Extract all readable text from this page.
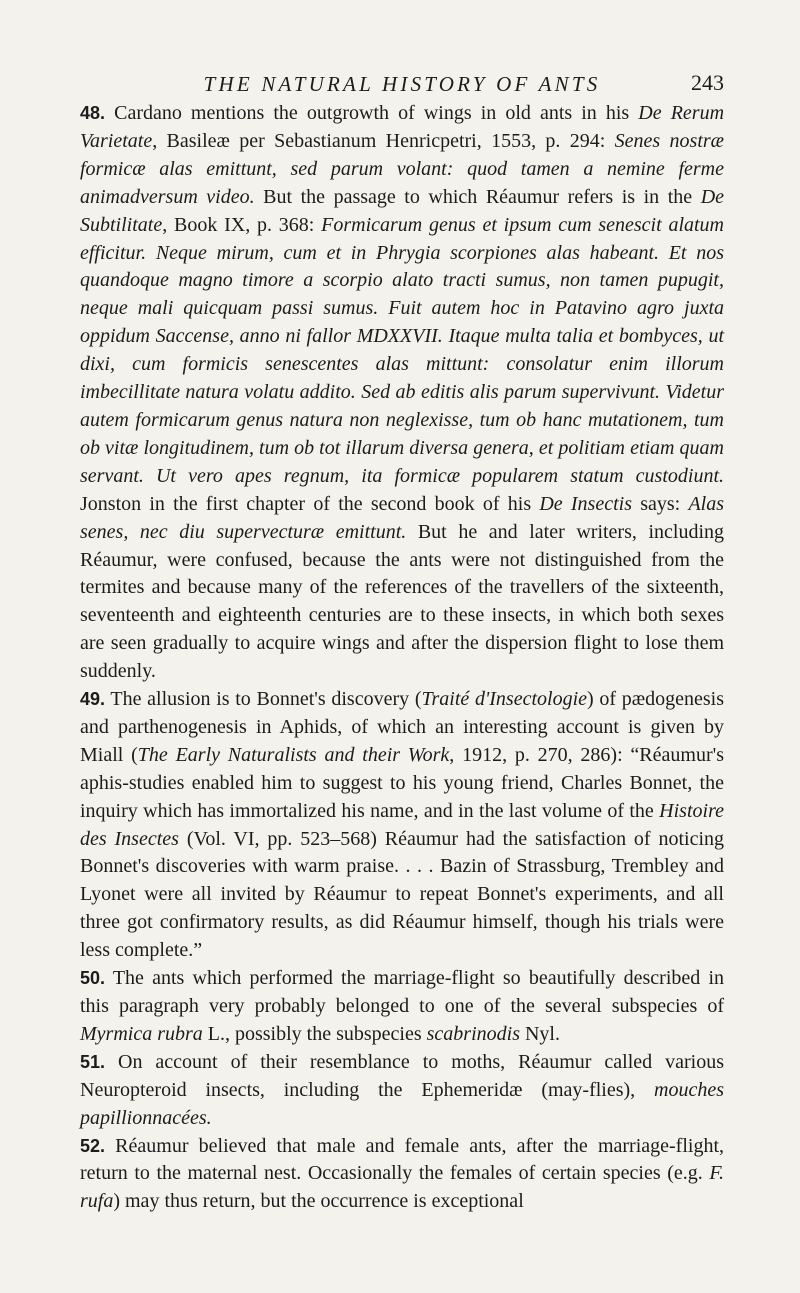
THE NATURAL HISTORY OF ANTS	243

48. Cardano mentions the outgrowth of wings in old ants in his De Rerum Varietate, Basileæ per Sebastianum Henricpetri, 1553, p. 294: Senes nostræ formicæ alas emittunt, sed parum volant: quod tamen a nemine ferme animadversum video. But the passage to which Réaumur refers is in the De Subtilitate, Book IX, p. 368: Formicarum genus et ipsum cum senescit alatum efficitur. Neque mirum, cum et in Phrygia scorpiones alas habeant. Et nos quandoque magno timore a scorpio alato tracti sumus, non tamen pupugit, neque mali quicquam passi sumus. Fuit autem hoc in Patavino agro juxta oppidum Saccense, anno ni fallor MDXXVII. Itaque multa talia et bombyces, ut dixi, cum formicis senescentes alas mittunt: consolatur enim illorum imbecillitate natura volatu addito. Sed ab editis alis parum supervivunt. Videtur autem formicarum genus natura non neglexisse, tum ob hanc mutationem, tum ob vitæ longitudinem, tum ob tot illarum diversa genera, et politiam etiam quam servant. Ut vero apes regnum, ita formicæ popularem statum custodiunt. Jonston in the first chapter of the second book of his De Insectis says: Alas senes, nec diu supervecturæ emittunt. But he and later writers, including Réaumur, were confused, because the ants were not distinguished from the termites and because many of the references of the travellers of the sixteenth, seventeenth and eighteenth centuries are to these insects, in which both sexes are seen gradually to acquire wings and after the dispersion flight to lose them suddenly.

49. The allusion is to Bonnet's discovery (Traité d'Insectologie) of pædogenesis and parthenogenesis in Aphids, of which an interesting account is given by Miall (The Early Naturalists and their Work, 1912, p. 270, 286): “Réaumur's aphis-studies enabled him to suggest to his young friend, Charles Bonnet, the inquiry which has immortalized his name, and in the last volume of the Histoire des Insectes (Vol. VI, pp. 523–568) Réaumur had the satisfaction of noticing Bonnet's discoveries with warm praise. . . . Bazin of Strassburg, Trembley and Lyonet were all invited by Réaumur to repeat Bonnet's experiments, and all three got confirmatory results, as did Réaumur himself, though his trials were less complete.”

50. The ants which performed the marriage-flight so beautifully described in this paragraph very probably belonged to one of the several subspecies of Myrmica rubra L., possibly the subspecies scabrinodis Nyl.

51. On account of their resemblance to moths, Réaumur called various Neuropteroid insects, including the Ephemeridæ (may-flies), mouches papillionnacées.

52. Réaumur believed that male and female ants, after the marriage-flight, return to the maternal nest. Occasionally the females of certain species (e.g. F. rufa) may thus return, but the occurrence is exceptional
